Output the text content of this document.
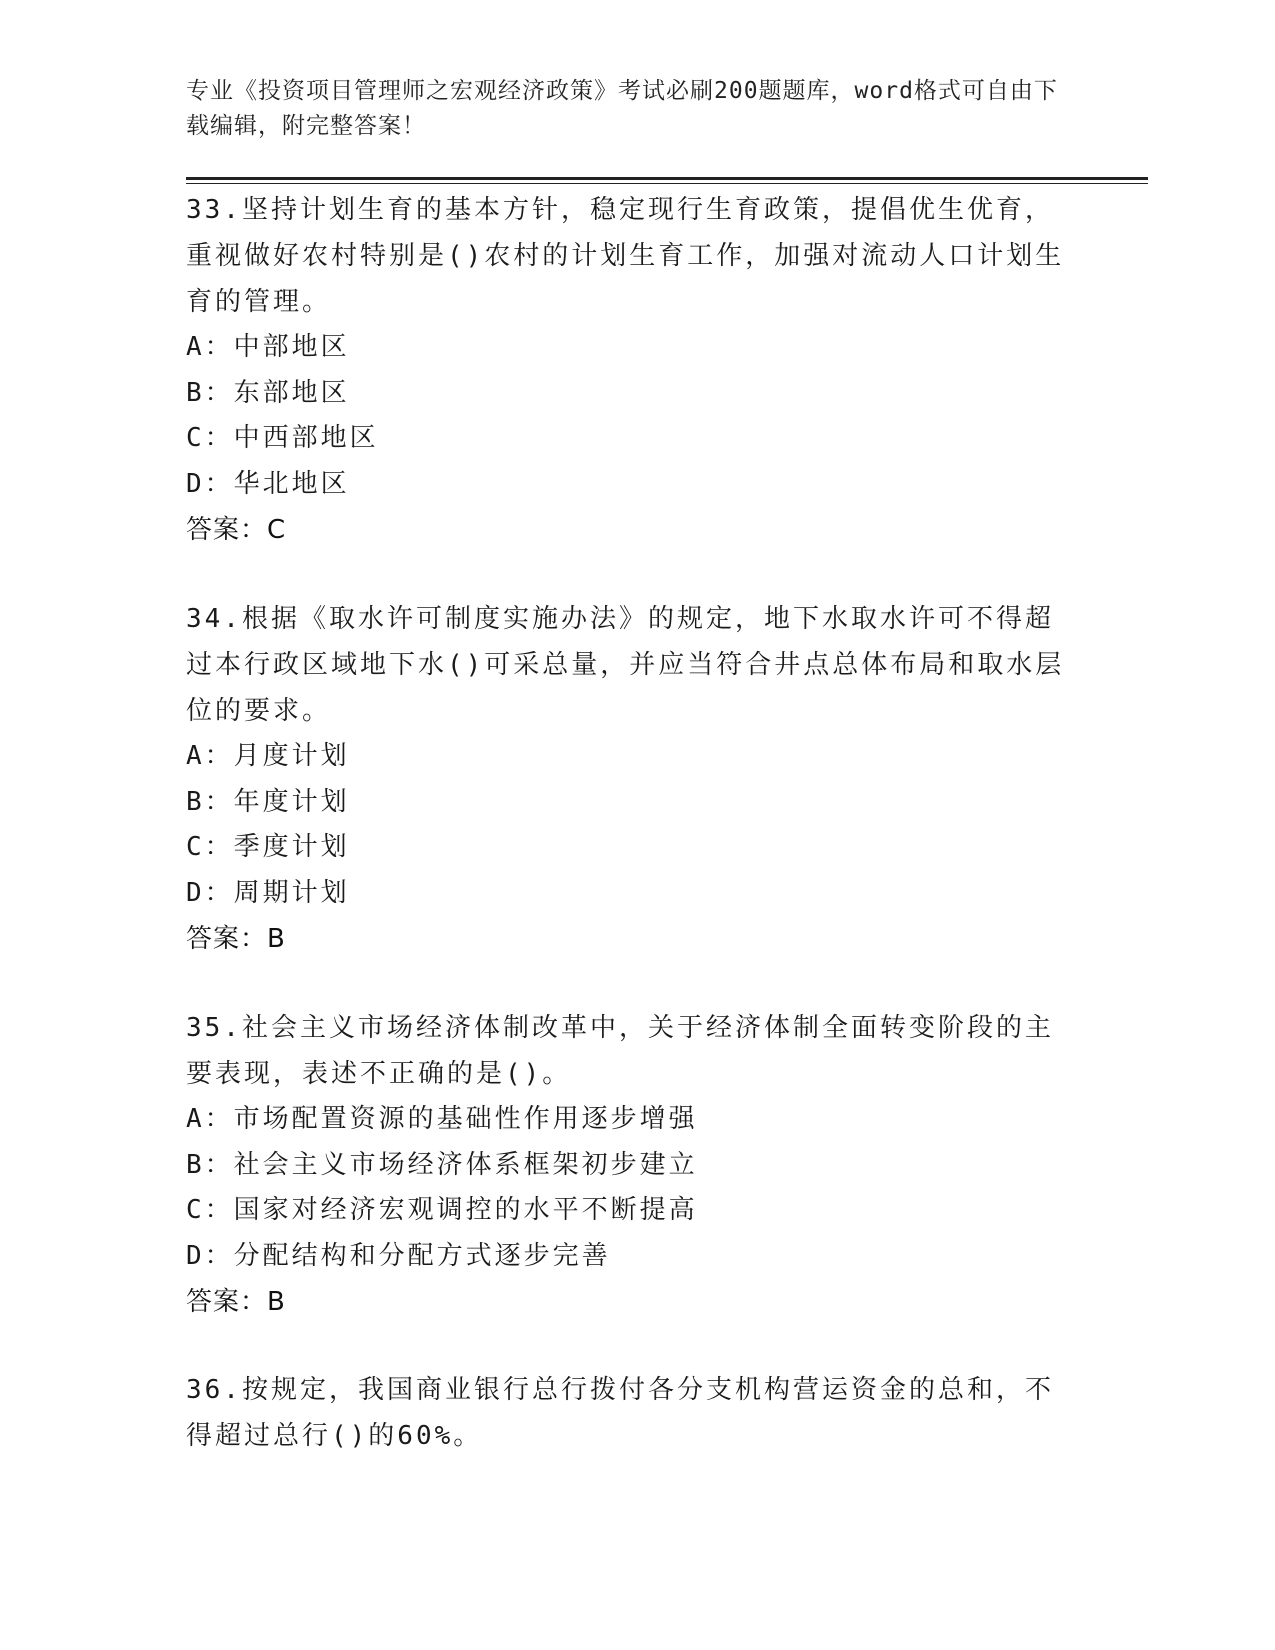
专业《投资项目管理师之宏观经济政策》考试必刷200题题库，word格式可自由下载编辑，附完整答案！

33.坚持计划生育的基本方针，稳定现行生育政策，提倡优生优育，重视做好农村特别是()农村的计划生育工作，加强对流动人口计划生育的管理。

A：中部地区

B：东部地区

C：中西部地区

D：华北地区

答案：C

34.根据《取水许可制度实施办法》的规定，地下水取水许可不得超过本行政区域地下水()可采总量，并应当符合井点总体布局和取水层位的要求。

A：月度计划

B：年度计划

C：季度计划

D：周期计划

答案：B

35.社会主义市场经济体制改革中，关于经济体制全面转变阶段的主要表现，表述不正确的是()。

A：市场配置资源的基础性作用逐步增强

B：社会主义市场经济体系框架初步建立

C：国家对经济宏观调控的水平不断提高

D：分配结构和分配方式逐步完善

答案：B

36.按规定，我国商业银行总行拨付各分支机构营运资金的总和，不得超过总行()的60%。
